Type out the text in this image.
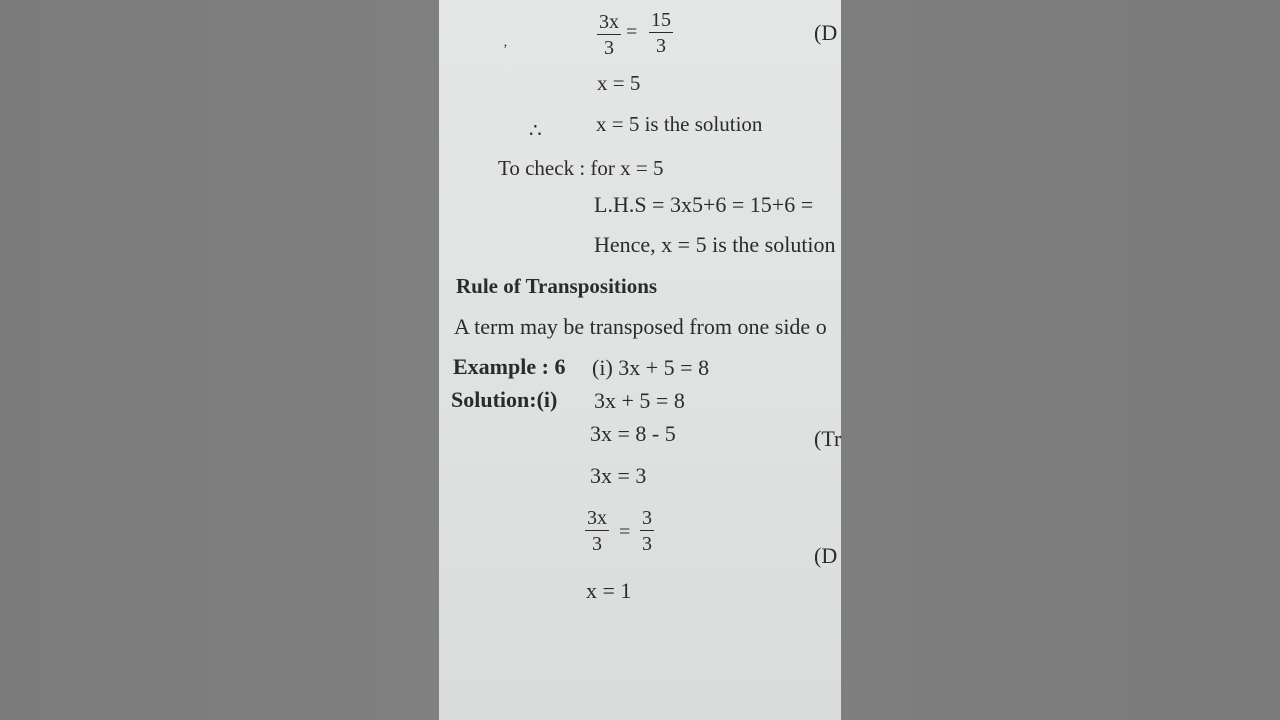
$\frac{3x}{3} = \frac{15}{3}$	(D
‚
x = 5
∴	x = 5 is the solution
To check : for x = 5
L.H.S = 3x5+6 = 15+6 =
Hence, x = 5 is the solution
Rule of Transpositions
A term may be transposed from one side o
Example : 6 (i) 3x + 5 = 8
Solution:(i) 3x + 5 = 8
3x = 8 - 5	(Tr
3x = 3
$\frac{3x}{3} = \frac{3}{3}$
(D
x = 1
